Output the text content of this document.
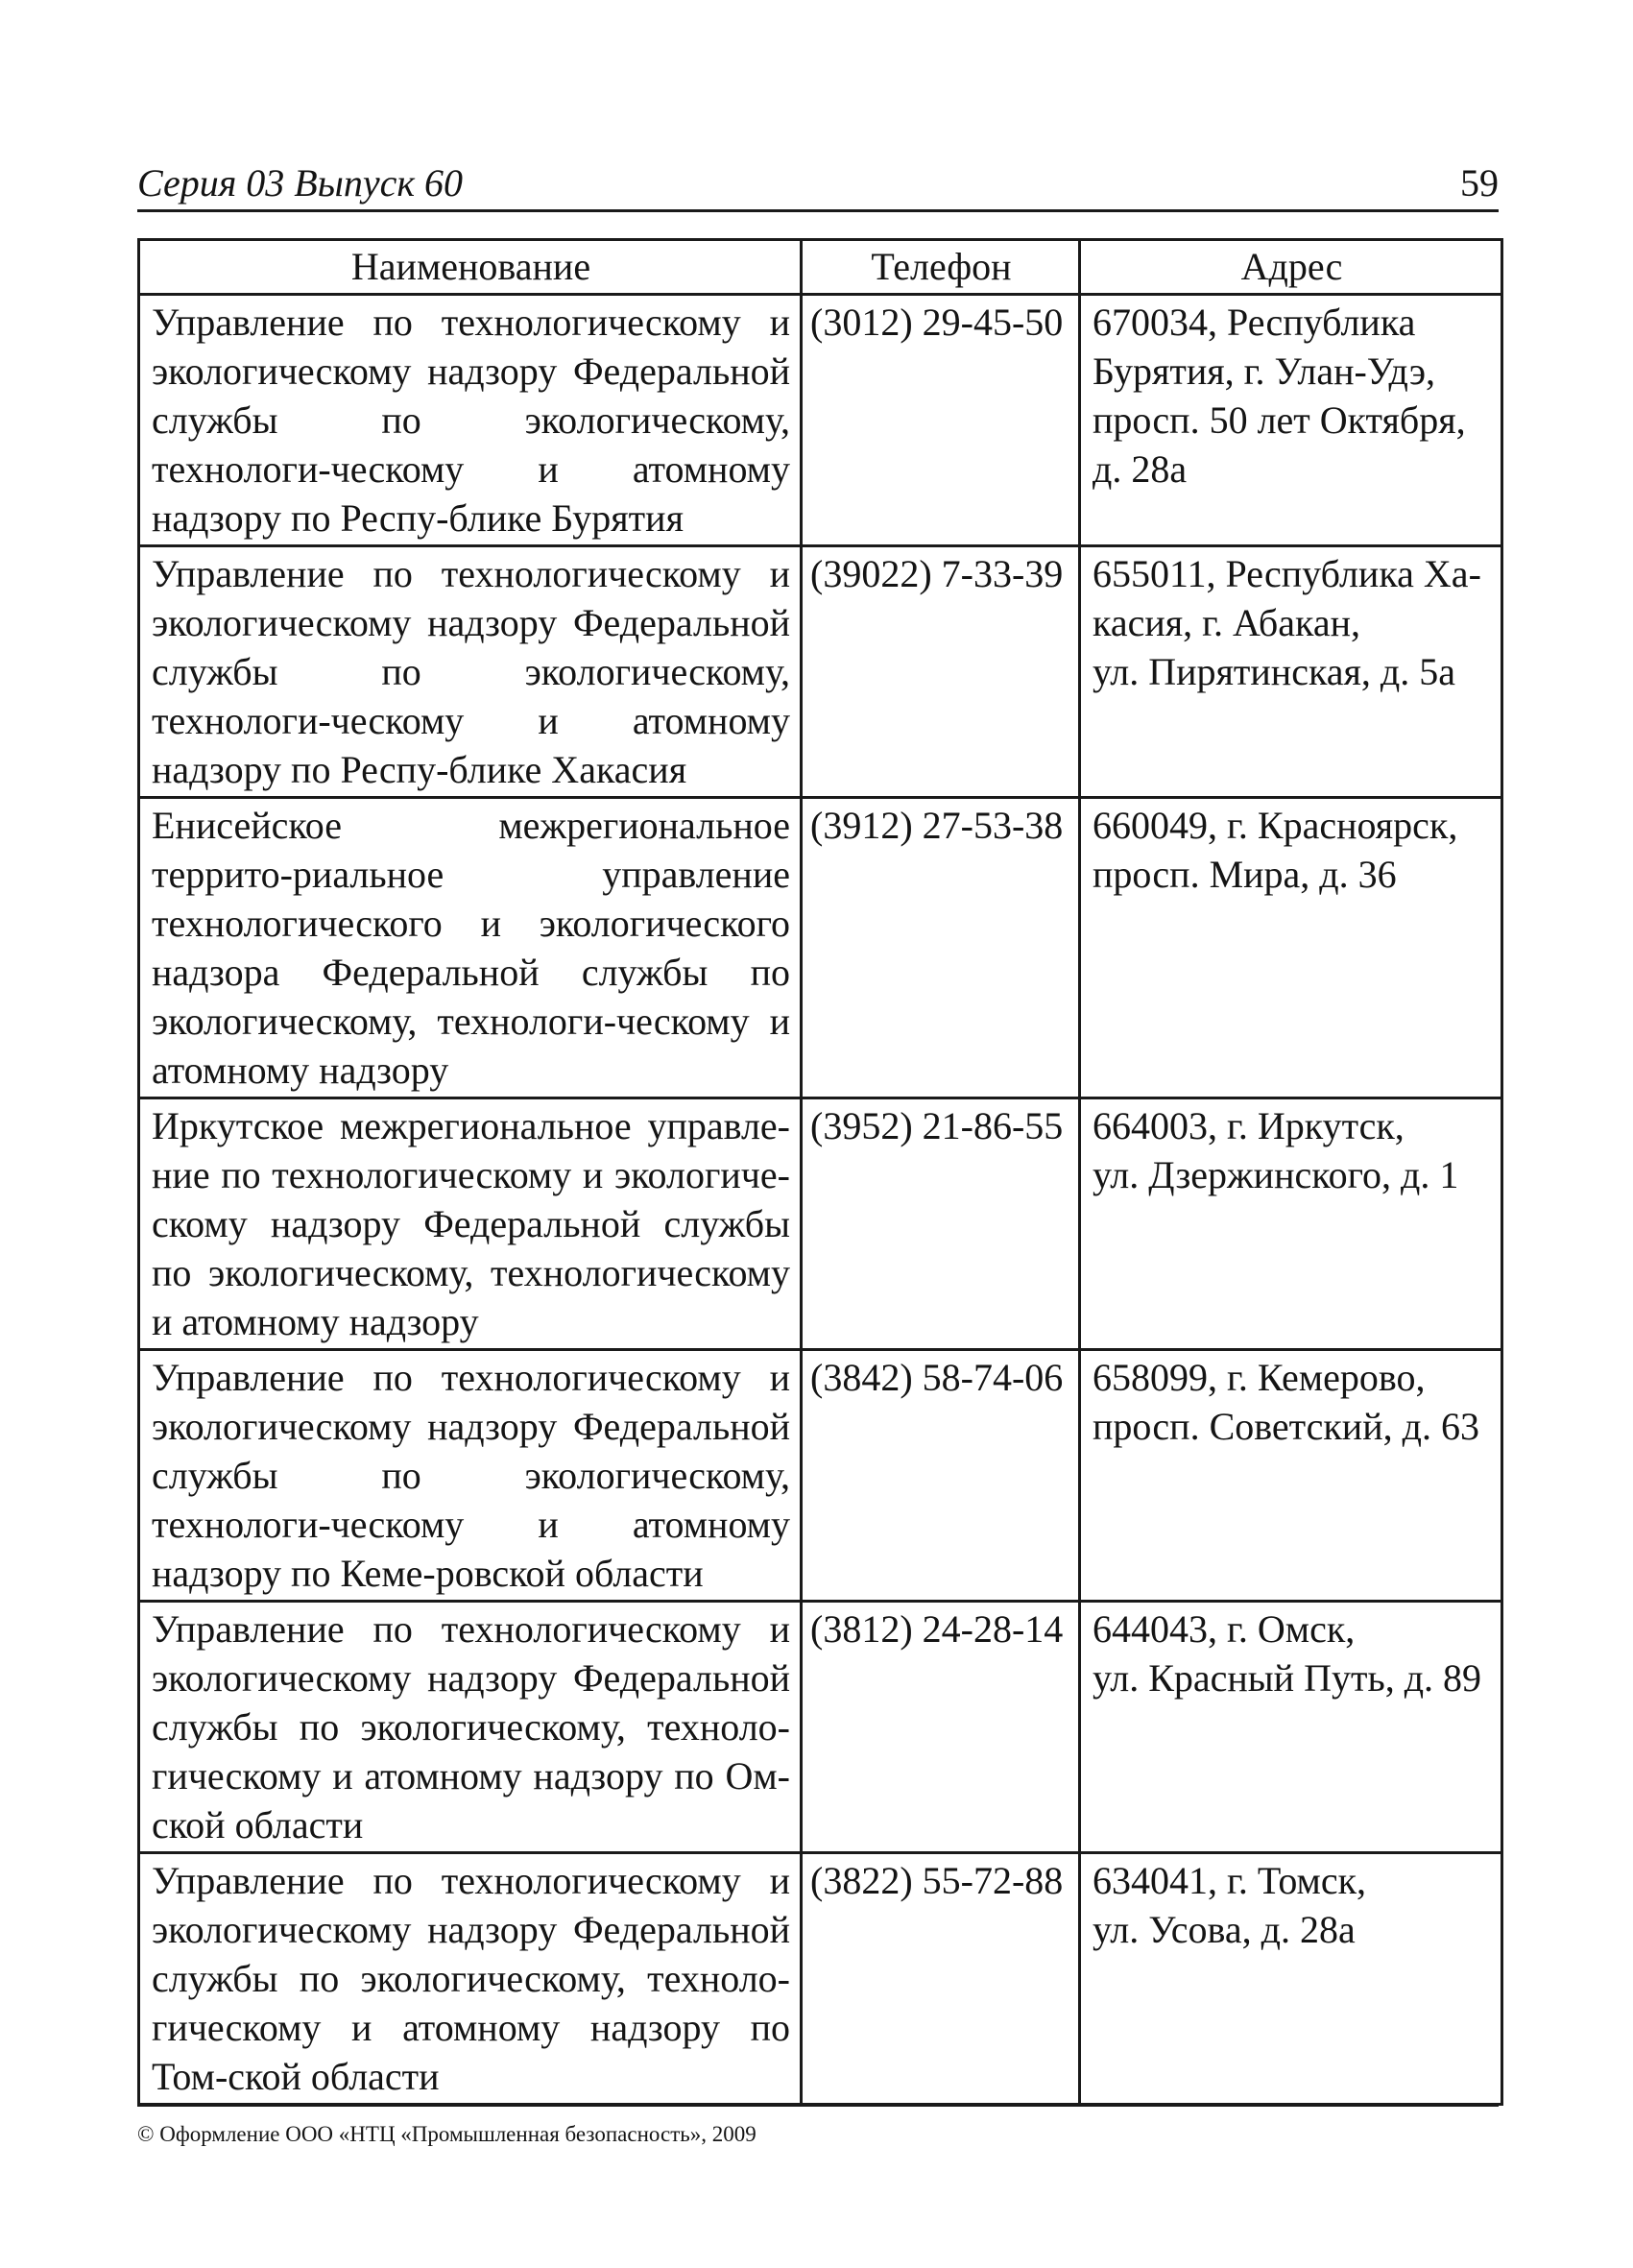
Серия 03 Выпуск 60	59
Наименование	Телефон	Адрес
Управление по технологическому и экологическому надзору Федеральной службы по экологическому, технологи-ческому и атомному надзору по Респу-блике Бурятия	(3012) 29-45-50	670034, Республика
Бурятия, г. Улан-Удэ,
просп. 50 лет Октября,
д. 28а

Управление по технологическому и экологическому надзору Федеральной службы по экологическому, технологи-ческому и атомному надзору по Респу-блике Хакасия	(39022) 7-33-39	655011, Республика Ха-
касия, г. Абакан,
ул. Пирятинская, д. 5а

Енисейское межрегиональное террито-риальное управление технологического и экологического надзора Федеральной службы по экологическому, технологи-ческому и атомному надзору	(3912) 27-53-38	660049, г. Красноярск,
просп. Мира, д. 36

Иркутское межрегиональное управле-ние по технологическому и экологиче-скому надзору Федеральной службы по экологическому, технологическому и атомному надзору	(3952) 21-86-55	664003, г. Иркутск,
ул. Дзержинского, д. 1

Управление по технологическому и экологическому надзору Федеральной службы по экологическому, технологи-ческому и атомному надзору по Кеме-ровской области	(3842) 58-74-06	658099, г. Кемерово,
просп. Советский, д. 63

Управление по технологическому и экологическому надзору Федеральной службы по экологическому, техноло-гическому и атомному надзору по Ом-ской области	(3812) 24-28-14	644043, г. Омск,
ул. Красный Путь, д. 89

Управление по технологическому и экологическому надзору Федеральной службы по экологическому, техноло-гическому и атомному надзору по Том-ской области	(3822) 55-72-88	634041, г. Томск,
ул. Усова, д. 28а
© Оформление ООО «НТЦ «Промышленная безопасность», 2009
